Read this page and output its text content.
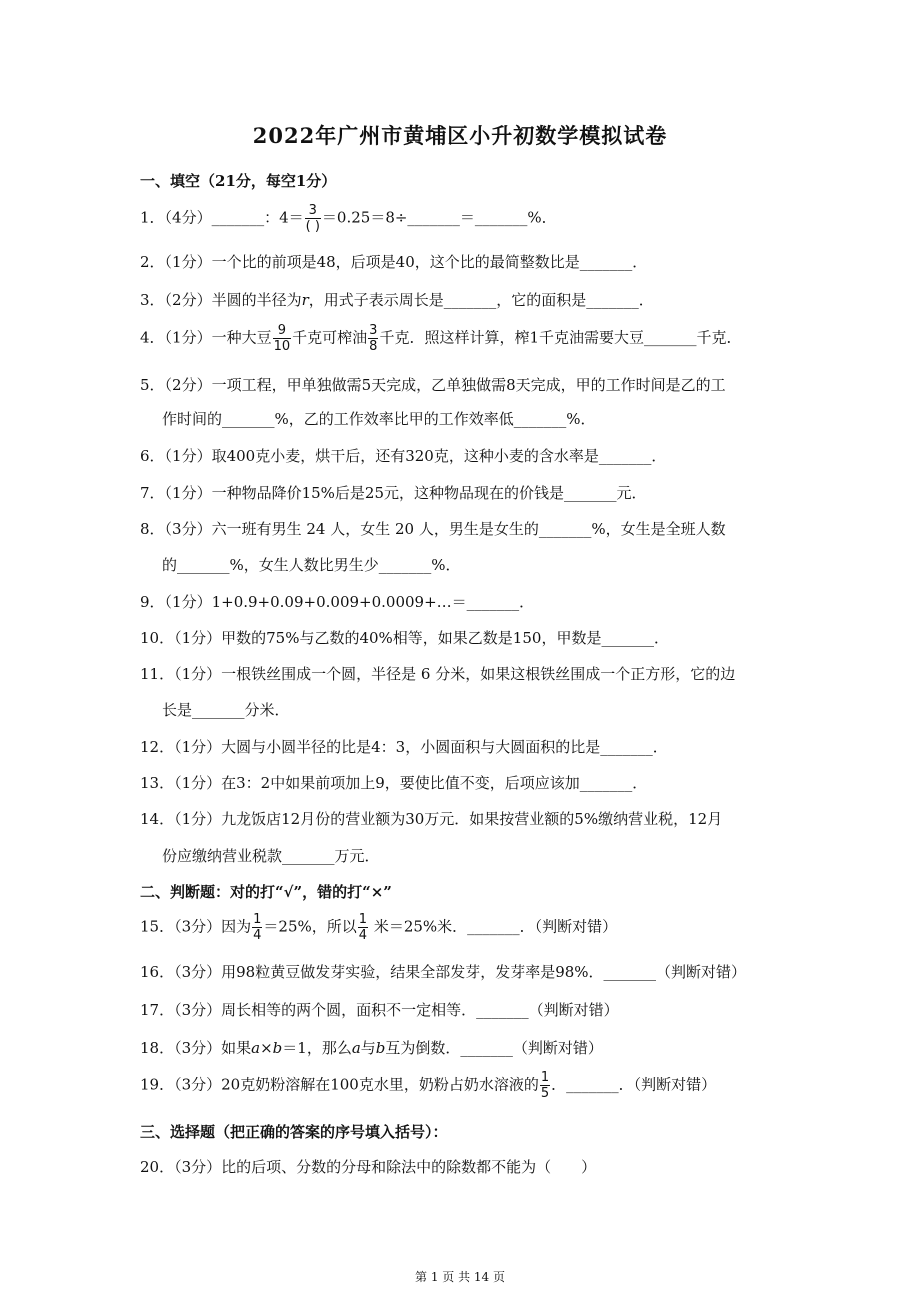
2022年广州市黄埔区小升初数学模拟试卷
一、填空（21分，每空1分）
1．（4分）_______：$4= \frac{3}{( )}$ ＝0.25＝8÷_______＝_______%．
2．（1分）一个比的前项是48，后项是40，这个比的最简整数比是_______．
3．（2分）半圆的半径为r，用式子表示周长是_______，它的面积是_______．
4．（1分）一种大豆 $\frac{9}{10}$ 千克可榨油 $\frac{3}{8}$ 千克．照这样计算，榨1千克油需要大豆_______千克．
5．（2分）一项工程，甲单独做需5天完成，乙单独做需8天完成，甲的工作时间是乙的工
作时间的_______%，乙的工作效率比甲的工作效率低_______%．
6．（1分）取400克小麦，烘干后，还有320克，这种小麦的含水率是_______．
7．（1分）一种物品降价15%后是25元，这种物品现在的价钱是_______元．
8．（3分）六一班有男生 24 人，女生 20 人，男生是女生的_______%，女生是全班人数
的_______%，女生人数比男生少_______%．
9．（1分）1+0.9+0.09+0.009+0.0009+…＝_______．
10．（1分）甲数的75%与乙数的40%相等，如果乙数是150，甲数是_______．
11．（1分）一根铁丝围成一个圆，半径是 6 分米，如果这根铁丝围成一个正方形，它的边
长是_______分米．
12．（1分）大圆与小圆半径的比是4：3，小圆面积与大圆面积的比是_______．
13．（1分）在3：2中如果前项加上9，要使比值不变，后项应该加_______．
14．（1分）九龙饭店12月份的营业额为30万元．如果按营业额的5%缴纳营业税，12月
份应缴纳营业税款_______万元．
二、判断题：对的打“√”，错的打“×”
15．（3分）因为 $\frac{1}{4} =25\%$，所以 $\frac{1}{4}$ 米＝25%米．_______．（判断对错）
16．（3分）用98粒黄豆做发芽实验，结果全部发芽，发芽率是98%．_______（判断对错）
17．（3分）周长相等的两个圆，面积不一定相等．_______（判断对错）
18．（3分）如果a×b＝1，那么a与b互为倒数．_______（判断对错）
19．（3分）20克奶粉溶解在100克水里，奶粉占奶水溶液的 $\frac{1}{5}$ ．_______．（判断对错）
三、选择题（把正确的答案的序号填入括号）：
20．（3分）比的后项、分数的分母和除法中的除数都不能为（　　）
第 1 页 共 14 页
